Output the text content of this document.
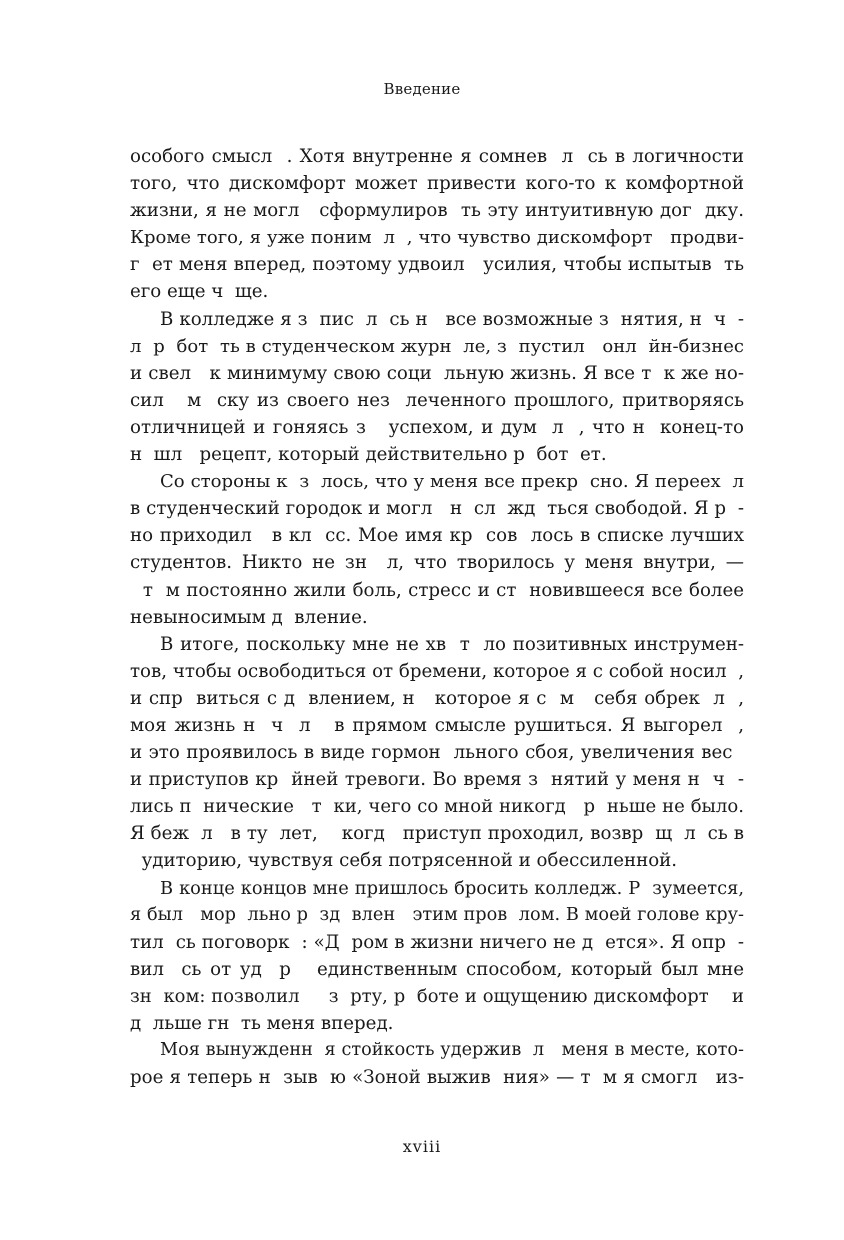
Введение
особого смысл  . Хотя внутренне я сомнев  л  сь в логичности
того, что дискомфорт может привести кого-то к комфортной
жизни, я не могл   сформулиров  ть эту интуитивную дог  дку.
Кроме того, я уже поним  л  , что чувство дискомфорт   продви-
г  ет меня вперед, поэтому удвоил   усилия, чтобы испытыв  ть
его еще ч  ще.
В колледже я з  пис  л  сь н   все возможные з  нятия, н  ч  -
л  р  бот  ть в студенческом журн  ле, з  пустил   онл  йн-бизнес
и свел   к минимуму свою соци  льную жизнь. Я все т  к же но-
сил   м  ску из своего нез  леченного прошлого, притворяясь
отличницей и гоняясь з   успехом, и дум  л  , что н  конец-то
н  шл   рецепт, который действительно р  бот  ет.
Со стороны к  з  лось, что у меня все прекр  сно. Я переех  л
в студенческий городок и могл   н  сл  жд  ться свободой. Я р  -
но приходил   в кл  сс. Мое имя кр  сов  лось в списке лучших
студентов. Никто не зн  л, что творилось у меня внутри, —
т  м постоянно жили боль, стресс и ст  новившееся все более
невыносимым д  вление.
В итоге, поскольку мне не хв  т  ло позитивных инструмен-
тов, чтобы освободиться от бремени, которое я с собой носил  ,
и спр  виться с д  влением, н   которое я с  м   себя обрек  л  ,
моя жизнь н  ч  л   в прямом смысле рушиться. Я выгорел  ,
и это проявилось в виде гормон  льного сбоя, увеличения вес
и приступов кр  йней тревоги. Во время з  нятий у меня н  ч  -
лись п  нические   т  ки, чего со мной никогд   р  ньше не было.
Я беж  л   в ту  лет,    когд   приступ проходил, возвр  щ  л  сь в
удиторию, чувствуя себя потрясенной и обессиленной.
В конце концов мне пришлось бросить колледж. Р  зумеется,
я был   мор  льно р  зд  влен   этим пров  лом. В моей голове кру-
тил  сь поговорк  : «Д  ром в жизни ничего не д  ется». Я опр  -
вил  сь от уд  р   единственным способом, который был мне
зн  ком: позволил     з  рту, р  боте и ощущению дискомфорт    и
д  льше гн  ть меня вперед.
Моя вынужденн  я стойкость удержив  л   меня в месте, кото-
рое я теперь н  зыв  ю «Зоной выжив  ния» — т  м я смогл   из-
xviii
